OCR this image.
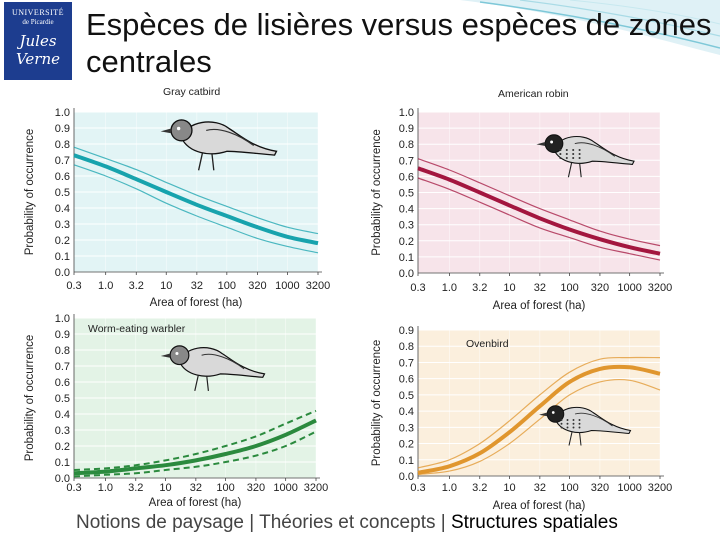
UNIVERSITÉ
de Picardie
Jules Verne
Espèces de lisières versus espèces de zones centrales
0.0
0.1
0.2
0.3
0.4
0.5
0.6
0.7
0.8
0.9
1.0
0.3 1.0 3.2 10 32 100 320 1000 3200
Area of forest (ha)
Probability of occurrence
Gray catbird
0.0
0.1
0.2
0.3
0.4
0.5
0.6
0.7
0.8
0.9
1.0
0.3 1.0 3.2 10 32 100 320 1000 3200
Area of forest (ha)
Probability of occurrence
American robin
0.0
0.1
0.2
0.3
0.4
0.5
0.6
0.7
0.8
0.9
1.0
0.3 1.0 3.2 10 32 100 320 1000 3200
Area of forest (ha)
Probability of occurrence
Worm-eating warbler
0.0
0.1
0.2
0.3
0.4
0.5
0.6
0.7
0.8
0.9
0.3 1.0 3.2 10 32 100 320 1000 3200
Area of forest (ha)
Probability of occurrence	Ovenbird
Notions de paysage | Théories et concepts | Structures spatiales
